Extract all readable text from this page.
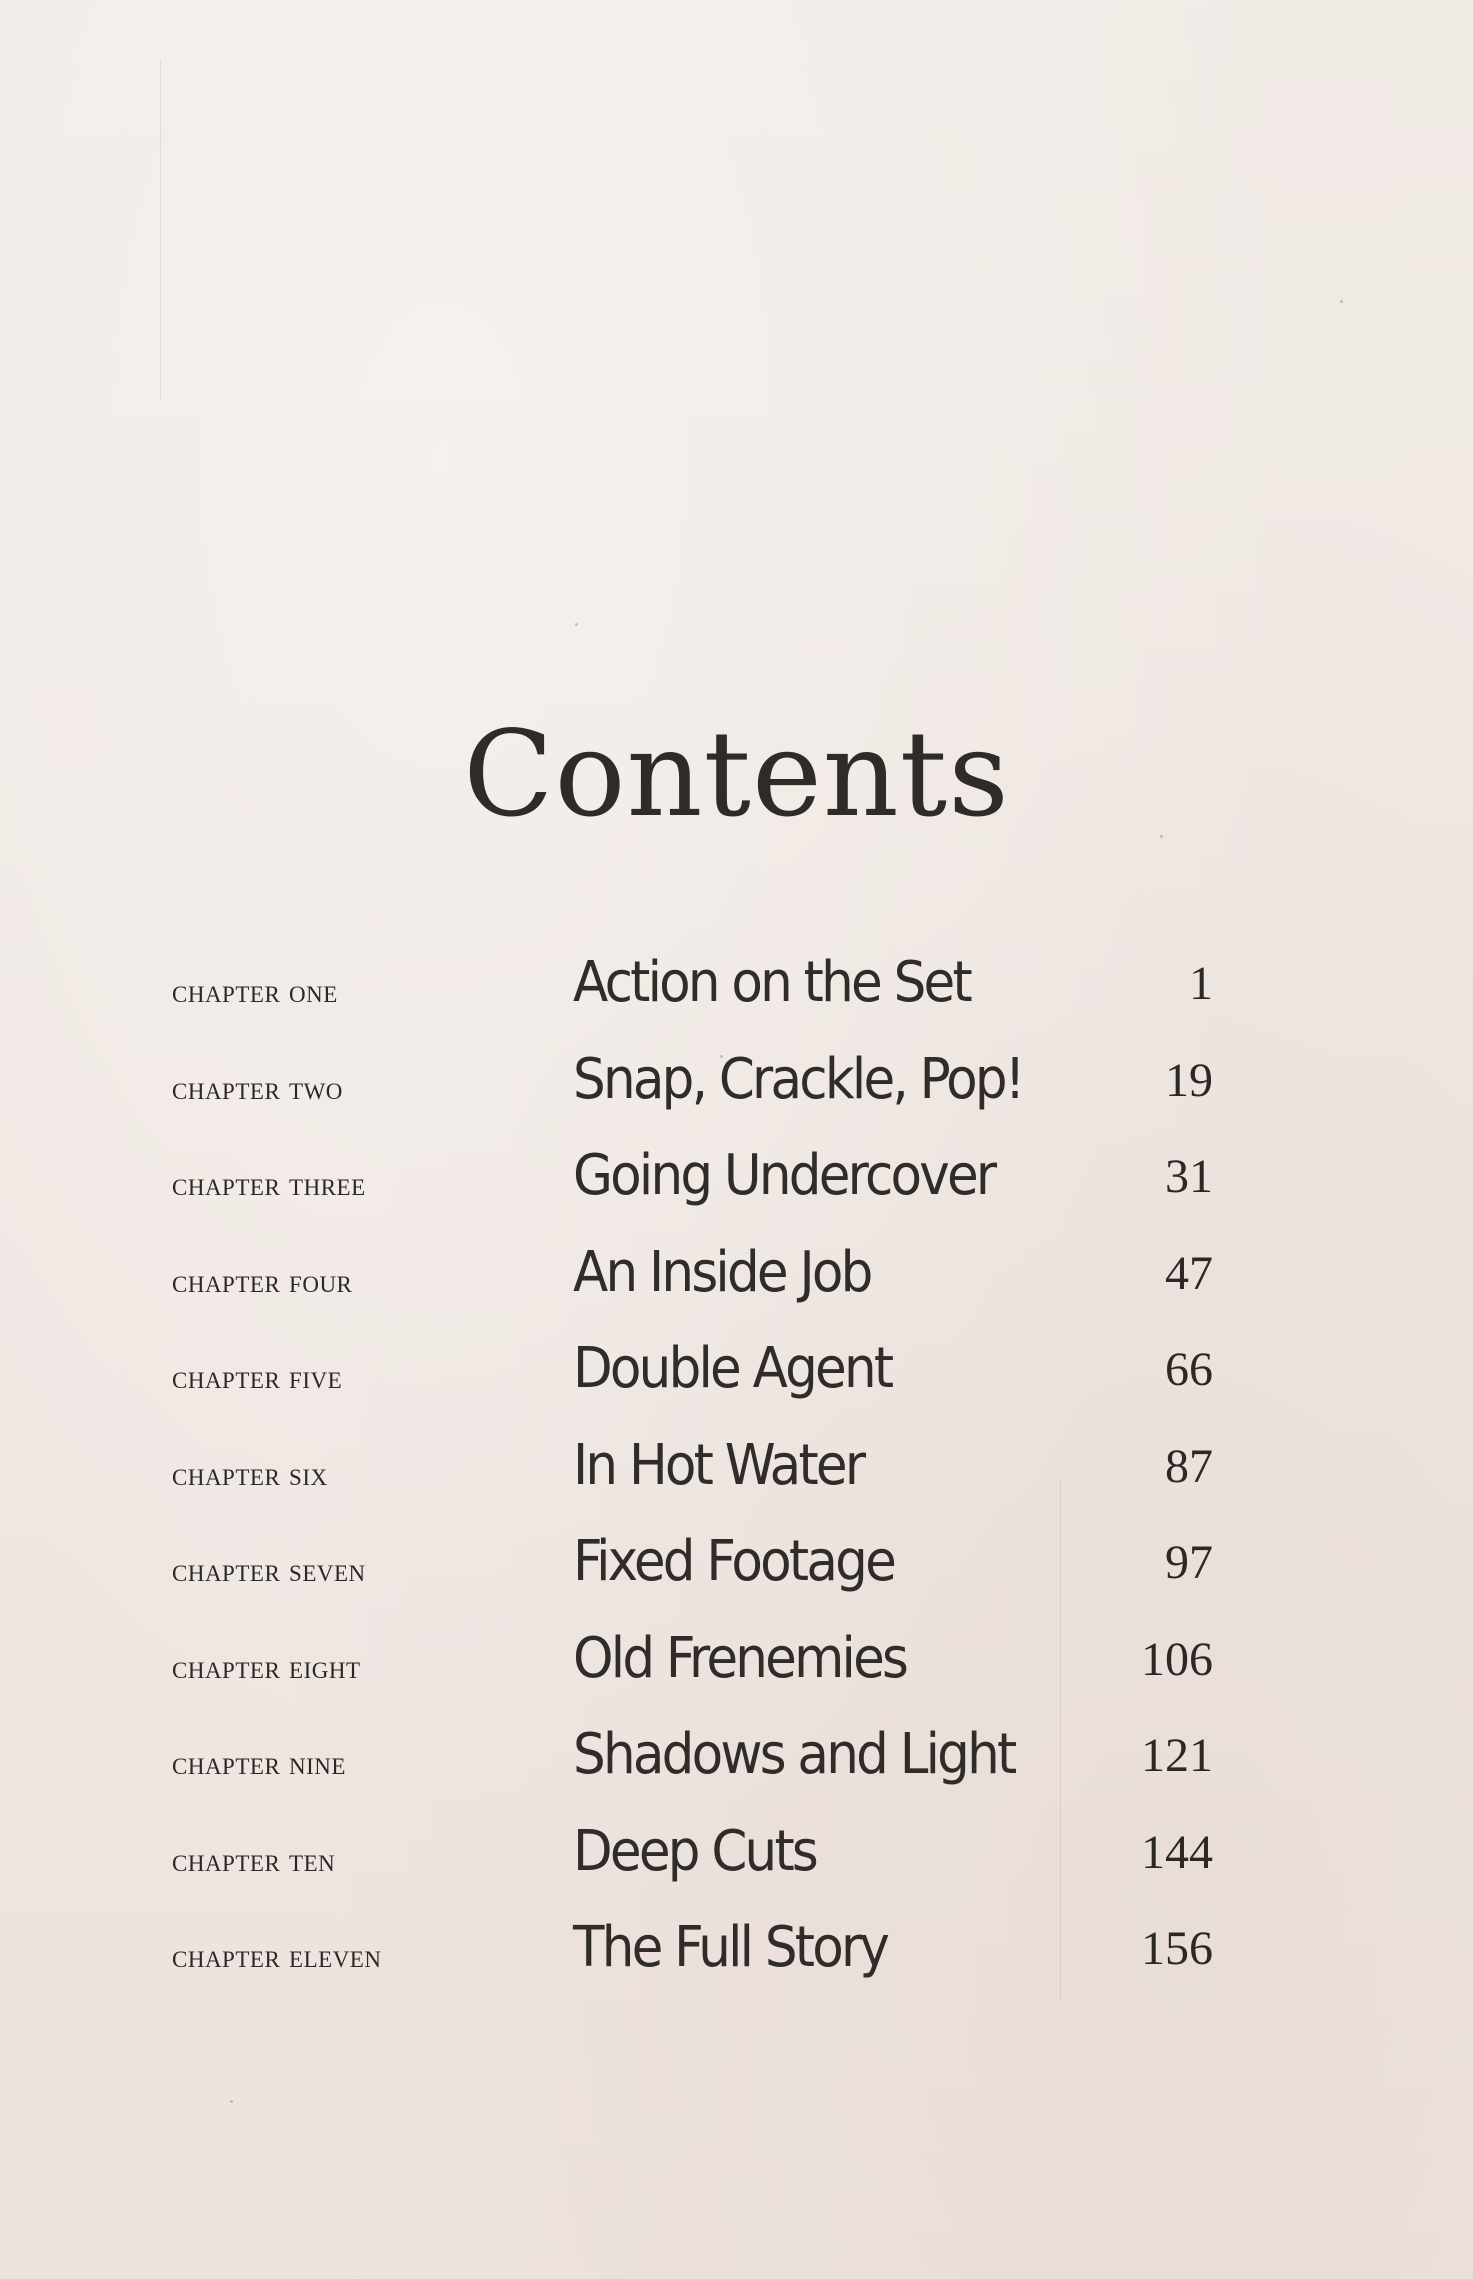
Contents
chapter one	Action on the Set	1
chapter two	Snap, Crackle, Pop!	19
chapter three	Going Undercover	31
chapter four	An Inside Job	47
chapter five	Double Agent	66
chapter six	In Hot Water	87
chapter seven	Fixed Footage	97
chapter eight	Old Frenemies	106
chapter nine	Shadows and Light	121
chapter ten	Deep Cuts	144
chapter eleven	The Full Story	156
